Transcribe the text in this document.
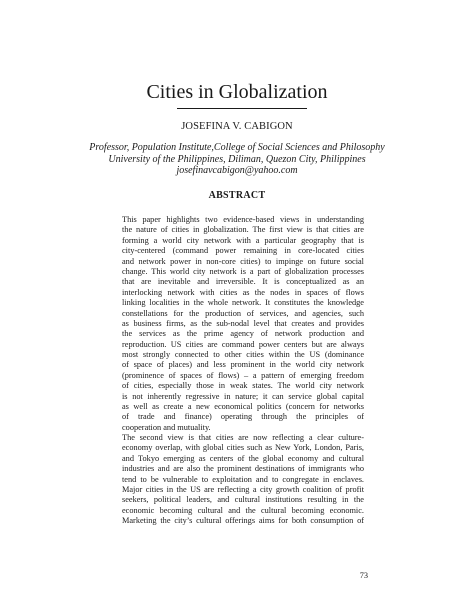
Cities in Globalization
JOSEFINA V. CABIGON
Professor, Population Institute,College of Social Sciences and Philosophy
University of the Philippines, Diliman, Quezon City, Philippines
josefinavcabigon@yahoo.com
ABSTRACT
This paper highlights two evidence-based views in understanding
the nature of cities in globalization. The first view is that cities are
forming a world city network with a particular geography that is
city-centered (command power remaining in core-located cities
and network power in non-core cities) to impinge on future social
change. This world city network is a part of globalization processes
that are inevitable and irreversible. It is conceptualized as an
interlocking network with cities as the nodes in spaces of flows
linking localities in the whole network. It constitutes the knowledge
constellations for the production of services, and agencies, such
as business firms, as the sub-nodal level that creates and provides
the services as the prime agency of network production and
reproduction. US cities are command power centers but are always
most strongly connected to other cities within the US (dominance
of space of places) and less prominent in the world city network
(prominence of spaces of flows) – a pattern of emerging freedom
of cities, especially those in weak states. The world city network
is not inherently regressive in nature; it can service global capital
as well as create a new economical politics (concern for networks
of trade and finance) operating through the principles of
cooperation and mutuality.
The second view is that cities are now reflecting a clear culture-
economy overlap, with global cities such as New York, London, Paris,
and Tokyo emerging as centers of the global economy and cultural
industries and are also the prominent destinations of immigrants who
tend to be vulnerable to exploitation and to congregate in enclaves.
Major cities in the US are reflecting a city growth coalition of profit
seekers, political leaders, and cultural institutions resulting in the
economic becoming cultural and the cultural becoming economic.
Marketing the city’s cultural offerings aims for both consumption of
73
